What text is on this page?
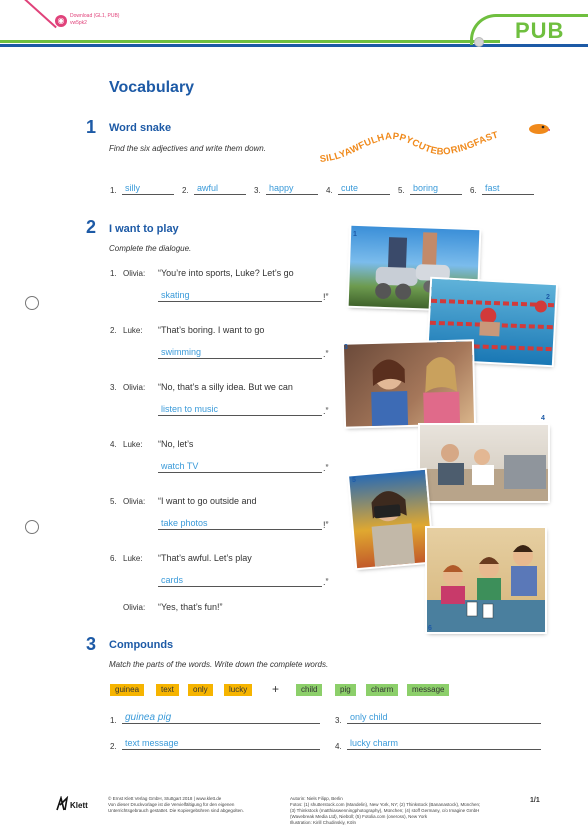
◉	Download (GL1, PUB)
vw5pk2	PUB
Vocabulary
1 Word snake
Find the six adjectives and write them down.
SILLYAWFULHAPPYCUTEBORINGFAST
1. silly	2. awful	3. happy	4. cute	5. boring	6. fast
2 I want to play
Complete the dialogue.
1. Olivia: “You’re into sports, Luke? Let’s go
skating	!”
2. Luke: “That’s boring. I want to go
swimming	.”
3. Olivia: “No, that’s a silly idea. But we can
listen to music	.”
4. Luke: “No, let’s
watch TV	.”
5. Olivia: “I want to go outside and
take photos	!”
6. Luke: “That’s awful. Let’s play
cards	.”
Olivia: “Yes, that’s fun!”
1
2
3
4
5
6
3 Compounds
Match the parts of the words. Write down the complete words.
guinea	text	only	lucky	+	child	pig	charm	message
1. guinea pig	3. only child
2. text message	4. lucky charm
Klett
© Ernst Klett Verlag GmbH, Stuttgart 2018 | www.klett.de
Von dieser Druckvorlage ist die Vervielfältigung für den eigenen
Unterrichtsgebrauch gestattet. Die Kopiergebühren sind abgegolten.
Autorin: Niels Filipp, Berlin
Fotos: (1) shutterstock.com (Mandelin), New York, NY; (2) Thinkstock (Bananastock), München;
(3) Thinkstock (matthiaswenningphotography), München; (4) stoff Germany, c/o Imagine GmbH
(Wavebreak Media Ltd), Niebüll; (5) Fotolia.com (oneross), New York
Illustration: Kirill Chudinskiy, Köln
1/1
